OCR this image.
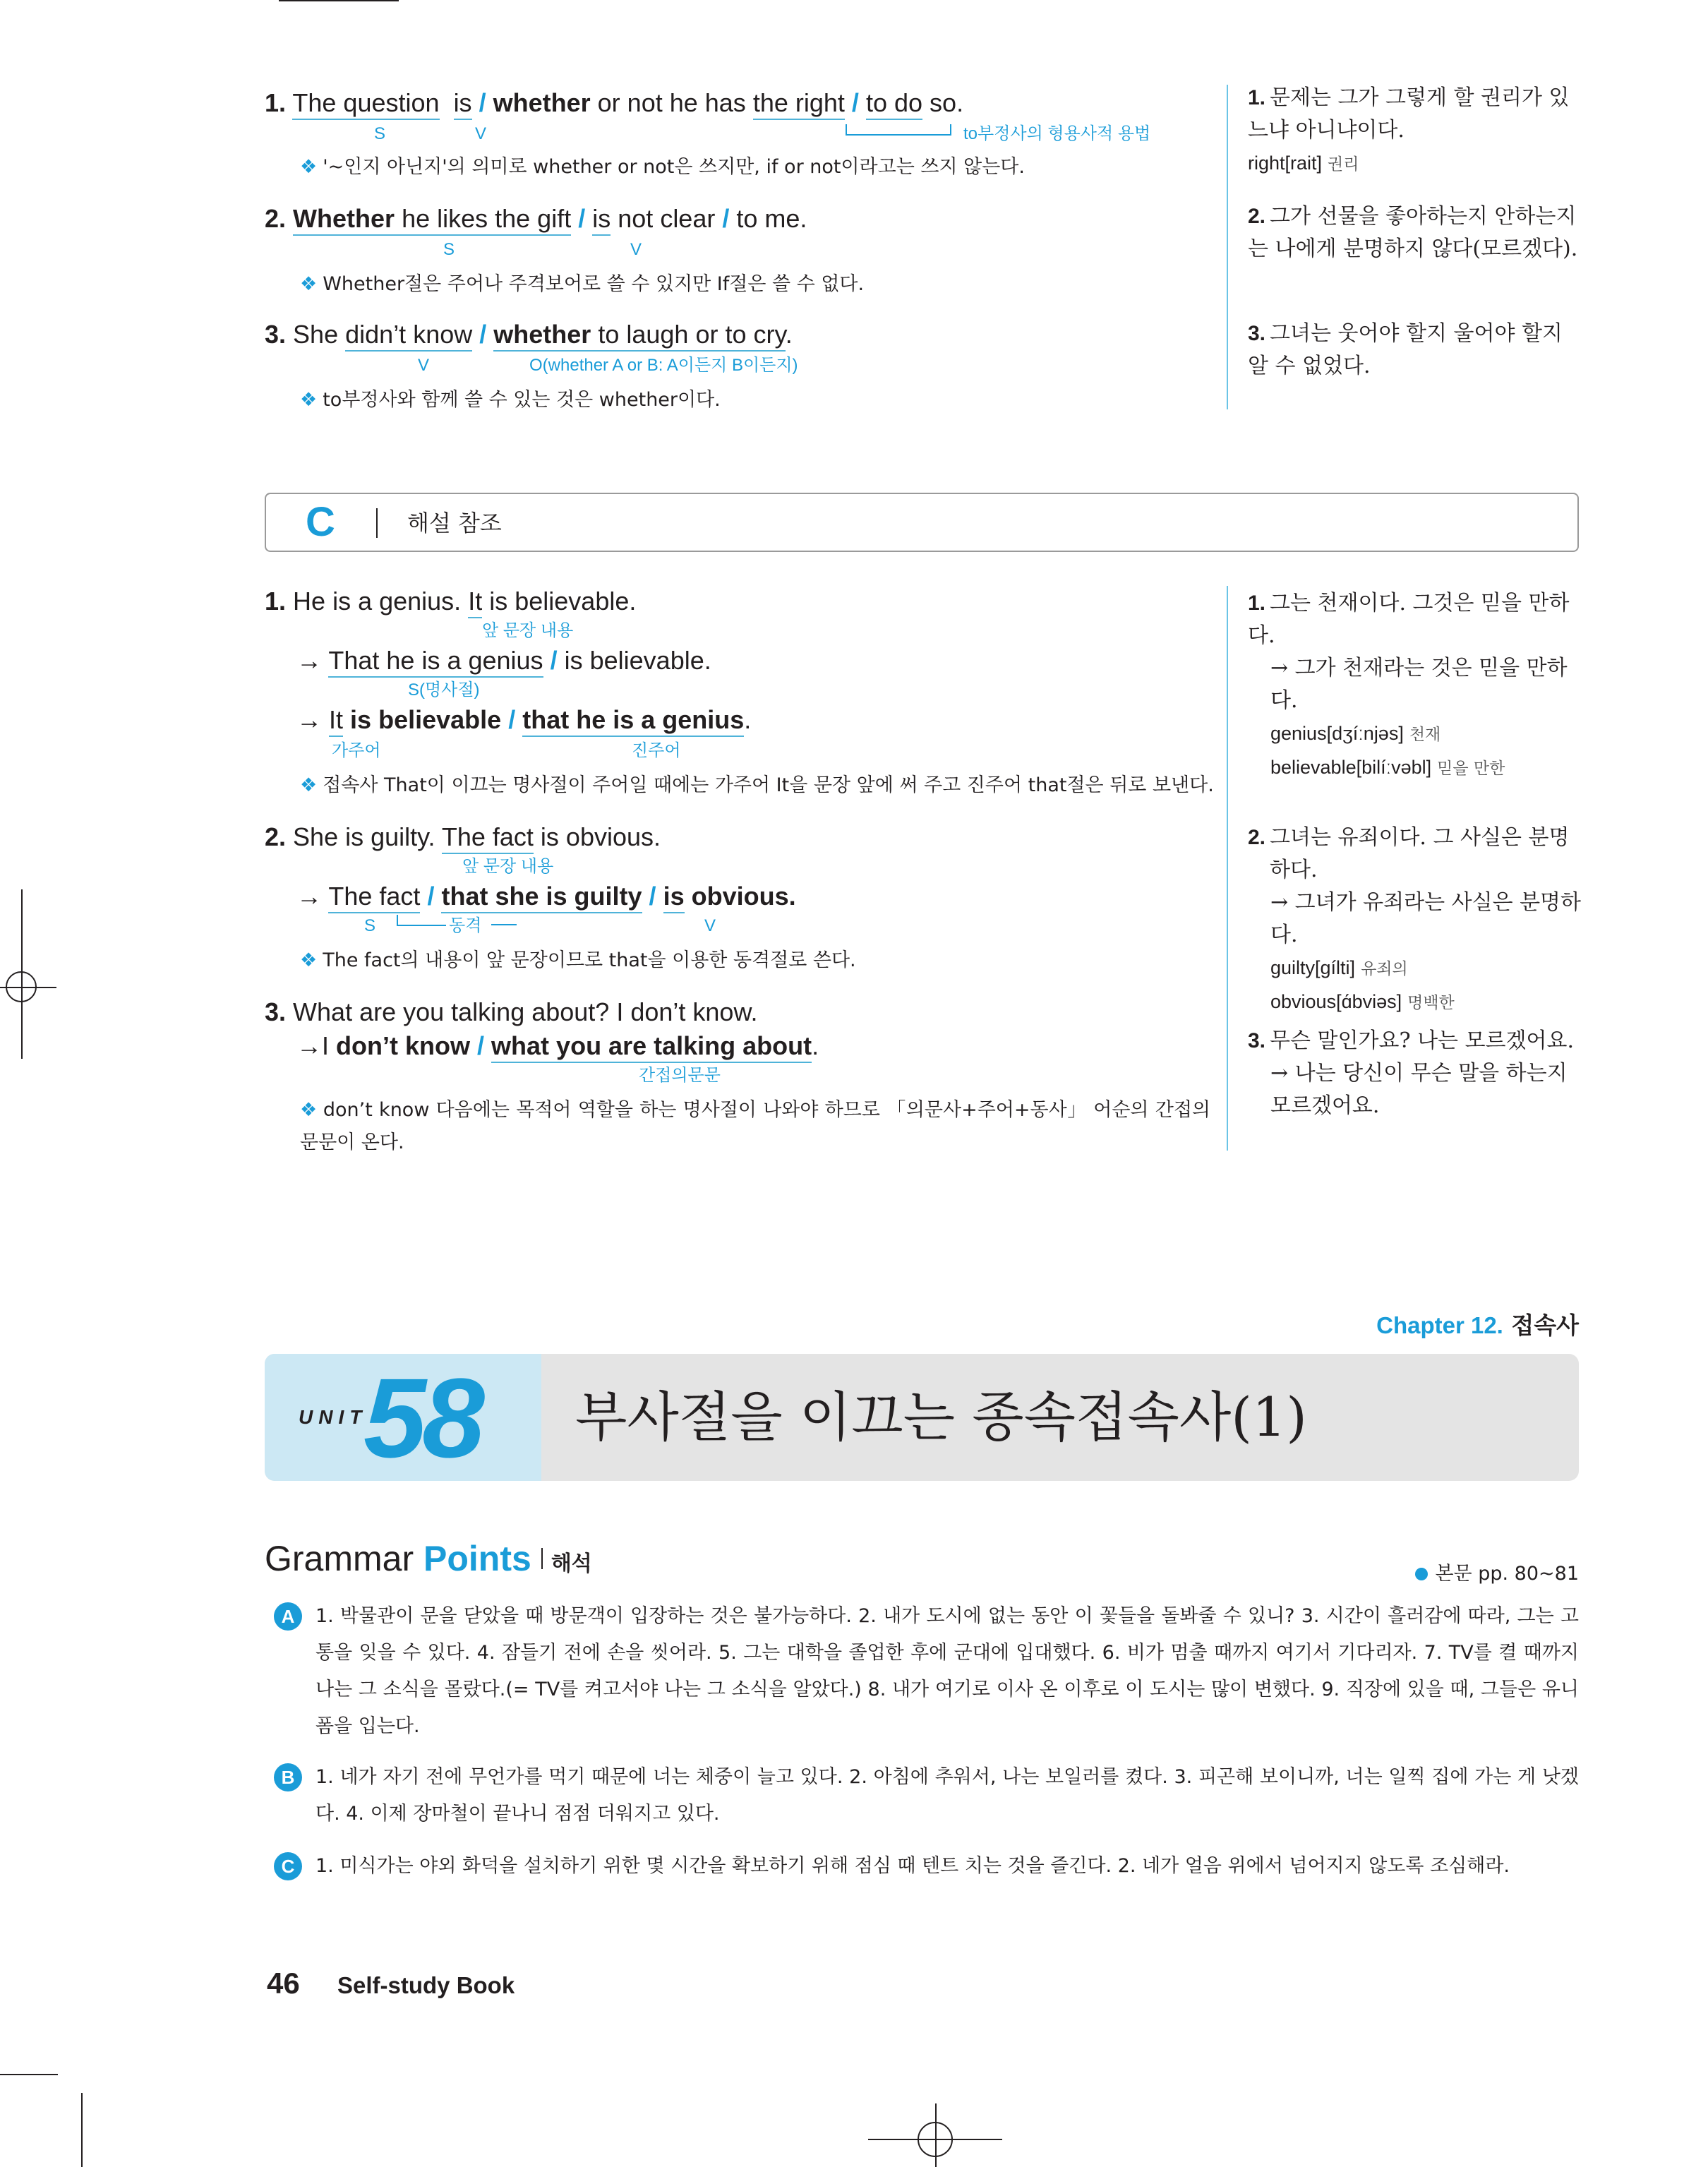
1. The question is / whether or not he has the right / to do so.
S	V	to부정사의 형용사적 용법
❖ '~인지 아닌지'의 의미로 whether or not은 쓰지만, if or not이라고는 쓰지 않는다.
1. 문제는 그가 그렇게 할 권리가 있느냐 아니냐이다.
right[rait] 권리
2. Whether he likes the gift / is not clear / to me.
S	V
❖ Whether절은 주어나 주격보어로 쓸 수 있지만 If절은 쓸 수 없다.
2. 그가 선물을 좋아하는지 안하는지는 나에게 분명하지 않다(모르겠다).
3. She didn’t know / whether to laugh or to cry.
V	O(whether A or B: A이든지 B이든지)
❖ to부정사와 함께 쓸 수 있는 것은 whether이다.
3. 그녀는 웃어야 할지 울어야 할지 알 수 없었다.
C	해설 참조
1. He is a genius. It is believable.
앞 문장 내용
→ That he is a genius / is believable.
S(명사절)
→ It is believable / that he is a genius.
가주어	진주어
❖ 접속사 That이 이끄는 명사절이 주어일 때에는 가주어 It을 문장 앞에 써 주고 진주어 that절은 뒤로 보낸다.
1. 그는 천재이다. 그것은 믿을 만하다.
→ 그가 천재라는 것은 믿을 만하다.
genius[dʒíːnjəs] 천재
believable[bilíːvəbl] 믿을 만한
2. She is guilty. The fact is obvious.
앞 문장 내용
→ The fact / that she is guilty / is obvious.
S	동격	V
❖ The fact의 내용이 앞 문장이므로 that을 이용한 동격절로 쓴다.
2. 그녀는 유죄이다. 그 사실은 분명하다.
→ 그녀가 유죄라는 사실은 분명하다.
guilty[gílti] 유죄의
obvious[ɑ́bviəs] 명백한
3. What are you talking about? I don’t know.
→I don’t know / what you are talking about.
간접의문문
❖ don’t know 다음에는 목적어 역할을 하는 명사절이 나와야 하므로 「의문사+주어+동사」 어순의 간접의문문이 온다.
3. 무슨 말인가요? 나는 모르겠어요.
→ 나는 당신이 무슨 말을 하는지 모르겠어요.
Chapter 12. 접속사
UNIT
58 부사절을 이끄는 종속접속사(1)
Grammar Points 해석	본문 pp. 80~81
A	1. 박물관이 문을 닫았을 때 방문객이 입장하는 것은 불가능하다. 2. 내가 도시에 없는 동안 이 꽃들을 돌봐줄 수 있니? 3. 시간이 흘러감에 따라, 그는 고통을 잊을 수 있다. 4. 잠들기 전에 손을 씻어라. 5. 그는 대학을 졸업한 후에 군대에 입대했다. 6. 비가 멈출 때까지 여기서 기다리자. 7. TV를 켤 때까지 나는 그 소식을 몰랐다.(= TV를 켜고서야 나는 그 소식을 알았다.) 8. 내가 여기로 이사 온 이후로 이 도시는 많이 변했다. 9. 직장에 있을 때, 그들은 유니폼을 입는다.
B	1. 네가 자기 전에 무언가를 먹기 때문에 너는 체중이 늘고 있다. 2. 아침에 추워서, 나는 보일러를 켰다. 3. 피곤해 보이니까, 너는 일찍 집에 가는 게 낫겠다. 4. 이제 장마철이 끝나니 점점 더워지고 있다.
C	1. 미식가는 야외 화덕을 설치하기 위한 몇 시간을 확보하기 위해 점심 때 텐트 치는 것을 즐긴다. 2. 네가 얼음 위에서 넘어지지 않도록 조심해라.
46 Self-study Book
